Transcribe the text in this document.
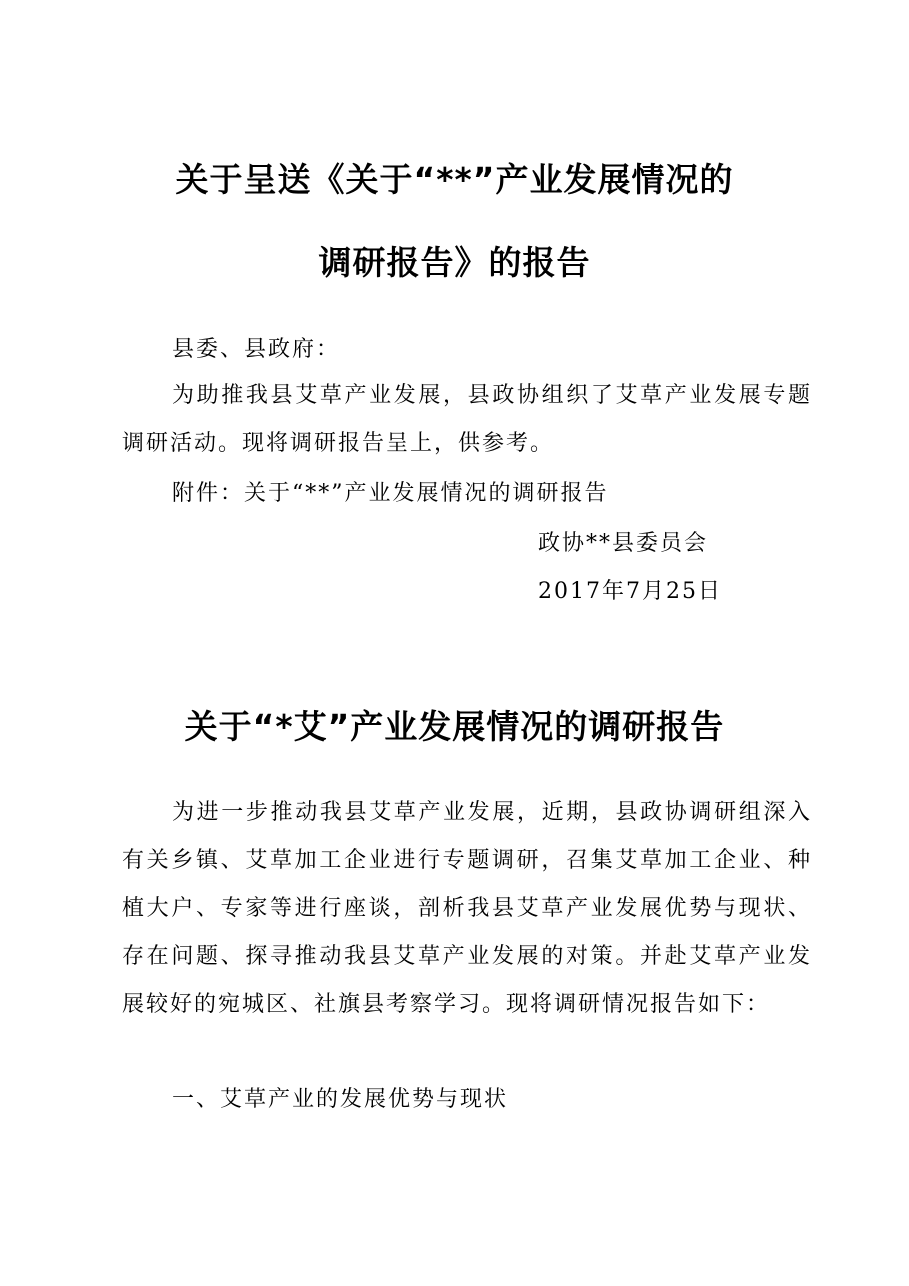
关于呈送《关于“**”产业发展情况的
调研报告》的报告
县委、县政府：
为助推我县艾草产业发展，县政协组织了艾草产业发展专题调研活动。现将调研报告呈上，供参考。
附件：关于“**”产业发展情况的调研报告
政协**县委员会
2017年7月25日
关于“*艾”产业发展情况的调研报告
为进一步推动我县艾草产业发展，近期，县政协调研组深入有关乡镇、艾草加工企业进行专题调研，召集艾草加工企业、种植大户、专家等进行座谈，剖析我县艾草产业发展优势与现状、存在问题、探寻推动我县艾草产业发展的对策。并赴艾草产业发展较好的宛城区、社旗县考察学习。现将调研情况报告如下：
一、艾草产业的发展优势与现状
